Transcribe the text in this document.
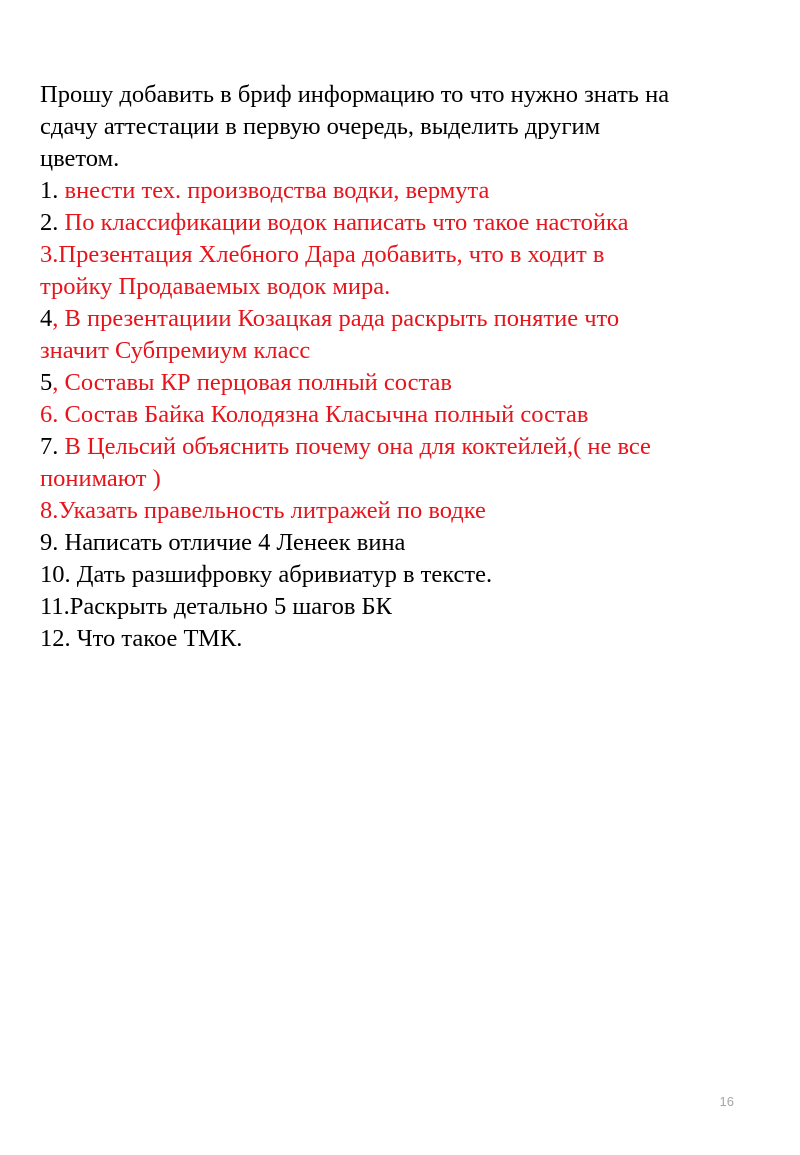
Прошу добавить в бриф информацию то что нужно знать на
сдачу аттестации в первую очередь, выделить другим
цветом.
1. внести тех. производства водки, вермута
2. По классификации водок написать что такое настойка
3.Презентация Хлебного Дара добавить, что в ходит в
тройку Продаваемых водок мира.
4, В презентациии Козацкая рада раскрыть понятие что
значит Субпремиум класс
5, Составы КР перцовая полный состав
6. Состав Байка Колодязна Класычна полный состав
7. В Цельсий объяснить почему она для коктейлей,( не все
понимают )
8.Указать правельность литражей по водке
9. Написать отличие 4 Ленеек вина
10. Дать разшифровку абривиатур в тексте.
11.Раскрыть детально 5 шагов БК
12. Что такое ТМК.
16
